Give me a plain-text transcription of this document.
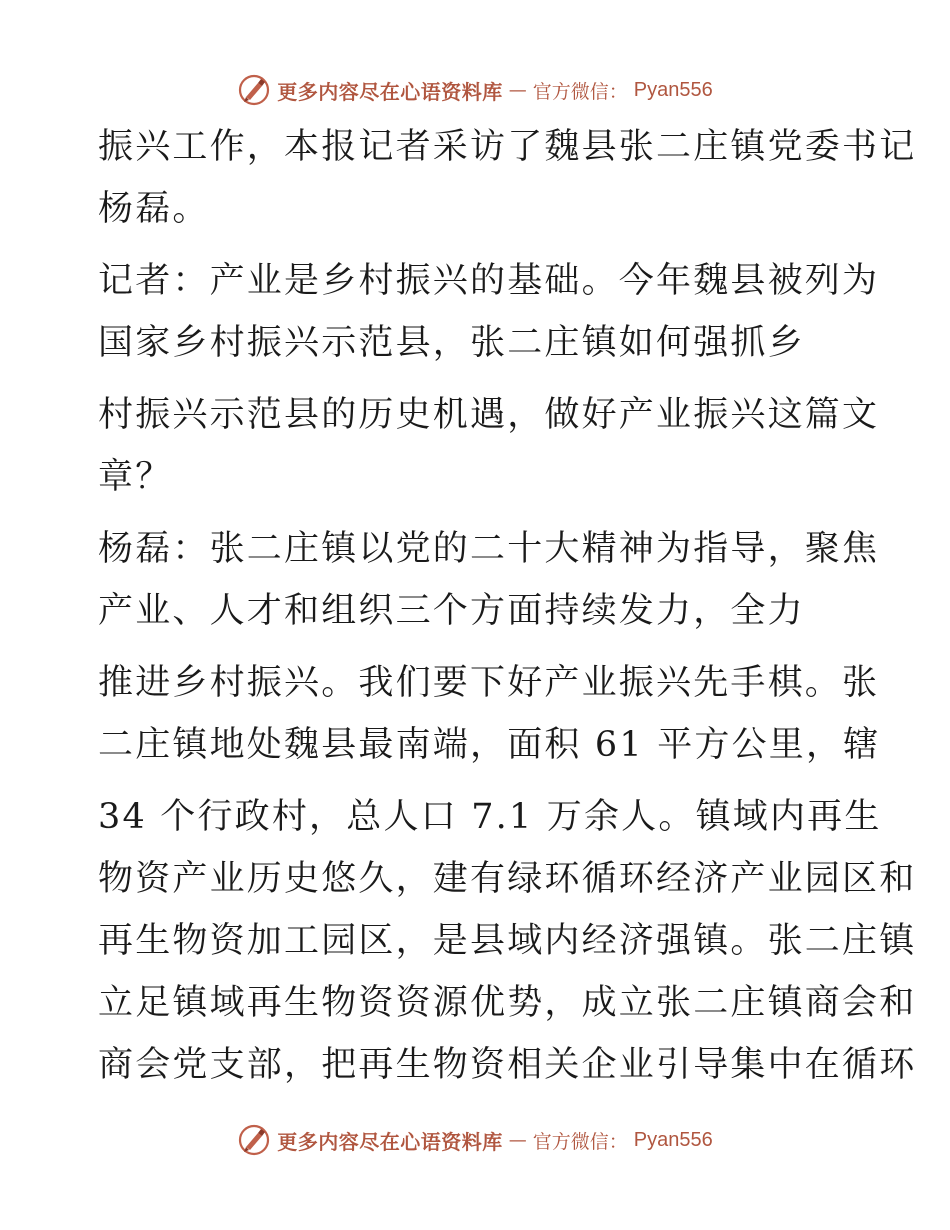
更多内容尽在心语资料库 — 官方微信： Pyan556
振兴工作，本报记者采访了魏县张二庄镇党委书记
杨磊。
记者：产业是乡村振兴的基础。今年魏县被列为
国家乡村振兴示范县，张二庄镇如何强抓乡
村振兴示范县的历史机遇，做好产业振兴这篇文
章？
杨磊：张二庄镇以党的二十大精神为指导，聚焦
产业、人才和组织三个方面持续发力，全力
推进乡村振兴。我们要下好产业振兴先手棋。张
二庄镇地处魏县最南端，面积 61 平方公里，辖
34 个行政村，总人口 7.1 万余人。镇域内再生
物资产业历史悠久，建有绿环循环经济产业园区和
再生物资加工园区，是县域内经济强镇。张二庄镇
立足镇域再生物资资源优势，成立张二庄镇商会和
商会党支部，把再生物资相关企业引导集中在循环
更多内容尽在心语资料库 — 官方微信： Pyan556
